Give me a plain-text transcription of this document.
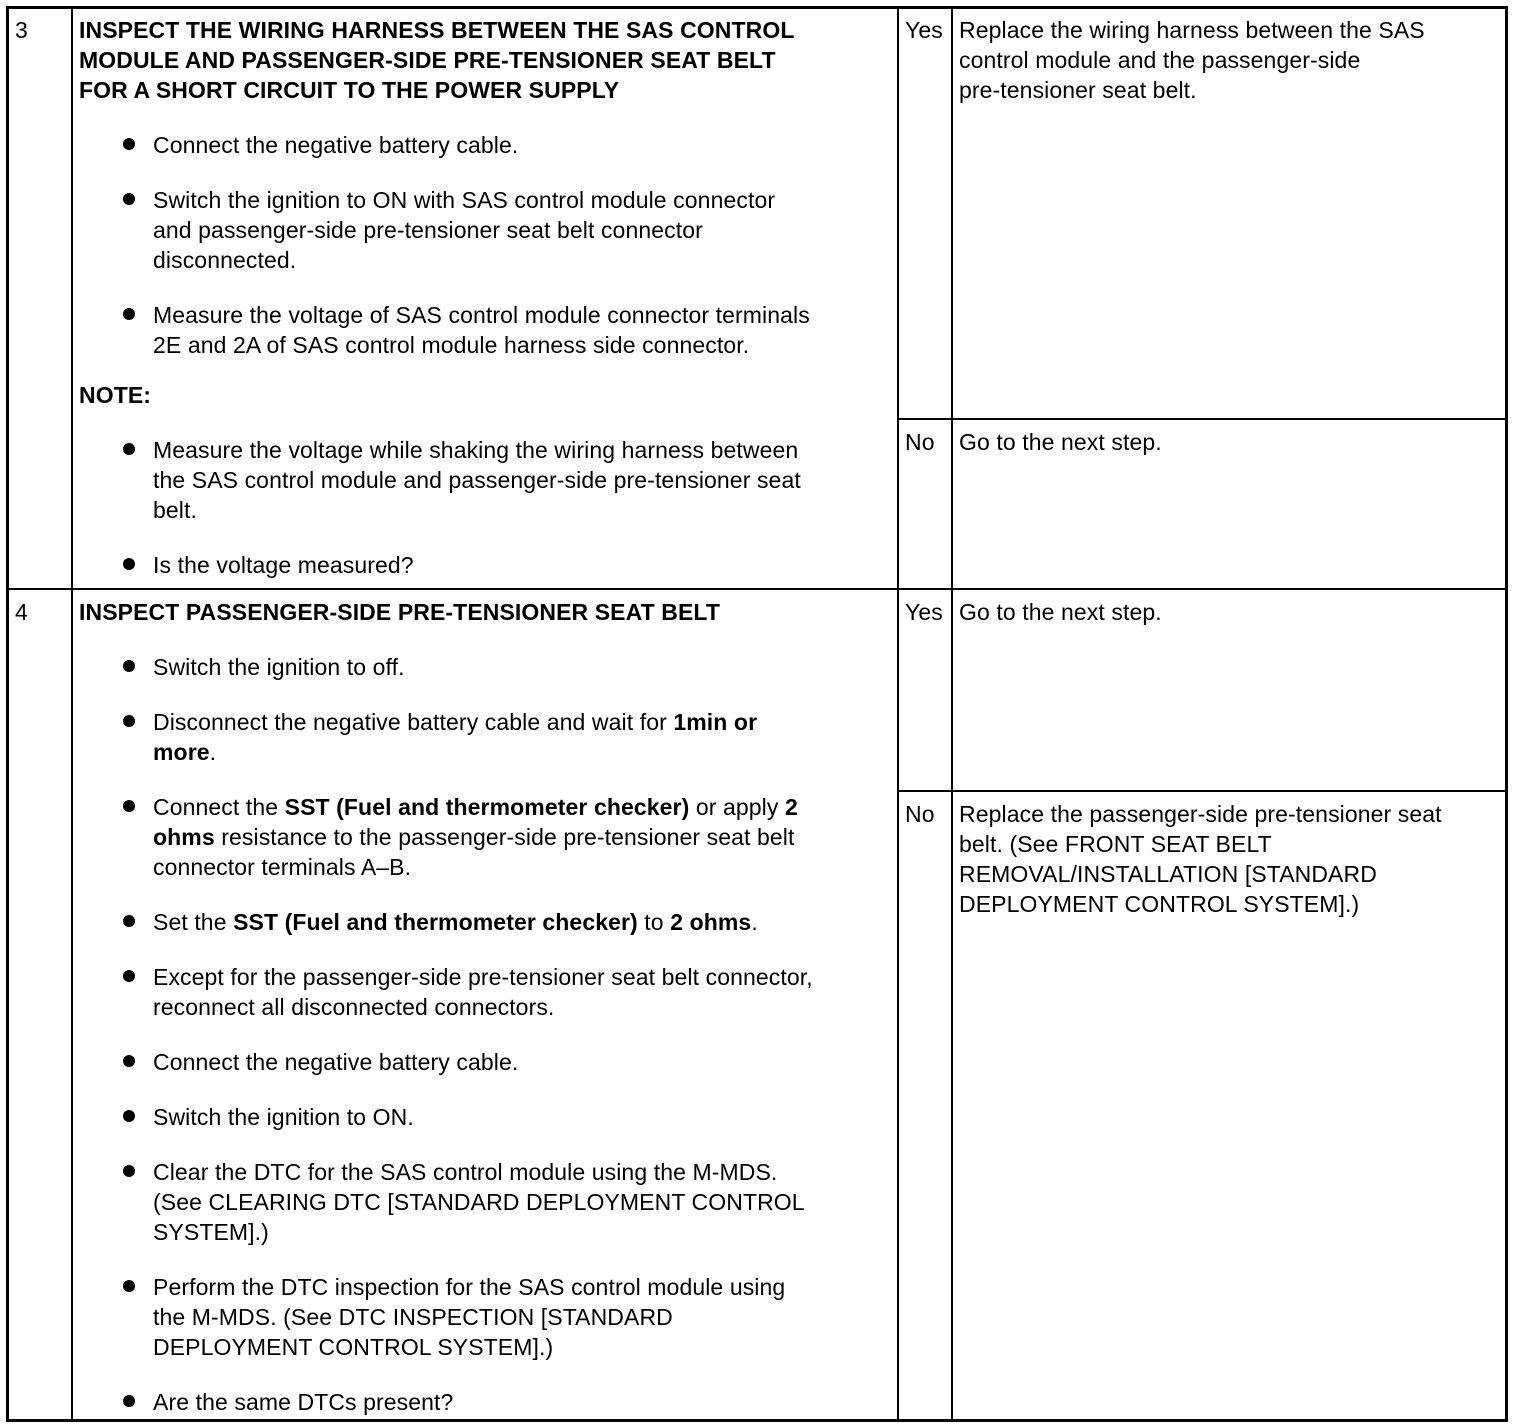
3 INSPECT THE WIRING HARNESS BETWEEN THE SAS CONTROL
MODULE AND PASSENGER-SIDE PRE-TENSIONER SEAT BELT
FOR A SHORT CIRCUIT TO THE POWER SUPPLY

Connect the negative battery cable.
Switch the ignition to ON with SAS control module connector
and passenger-side pre-tensioner seat belt connector
disconnected.
Measure the voltage of SAS control module connector terminals
2E and 2A of SAS control module harness side connector.

NOTE:

Measure the voltage while shaking the wiring harness between
the SAS control module and passenger-side pre-tensioner seat
belt.
Is the voltage measured?
Yes Replace the wiring harness between the SAS
control module and the passenger-side
pre-tensioner seat belt.
No	Go to the next step.
4 INSPECT PASSENGER-SIDE PRE-TENSIONER SEAT BELT

Switch the ignition to off.
Disconnect the negative battery cable and wait for 1min or
more.
Connect the SST (Fuel and thermometer checker) or apply 2
ohms resistance to the passenger-side pre-tensioner seat belt
connector terminals A–B.
Set the SST (Fuel and thermometer checker) to 2 ohms.
Except for the passenger-side pre-tensioner seat belt connector,
reconnect all disconnected connectors.
Connect the negative battery cable.
Switch the ignition to ON.
Clear the DTC for the SAS control module using the M-MDS.
(See CLEARING DTC [STANDARD DEPLOYMENT CONTROL
SYSTEM].)
Perform the DTC inspection for the SAS control module using
the M-MDS. (See DTC INSPECTION [STANDARD
DEPLOYMENT CONTROL SYSTEM].)
Are the same DTCs present?
Yes Go to the next step.
No	Replace the passenger-side pre-tensioner seat
belt. (See FRONT SEAT BELT
REMOVAL/INSTALLATION [STANDARD
DEPLOYMENT CONTROL SYSTEM].)
